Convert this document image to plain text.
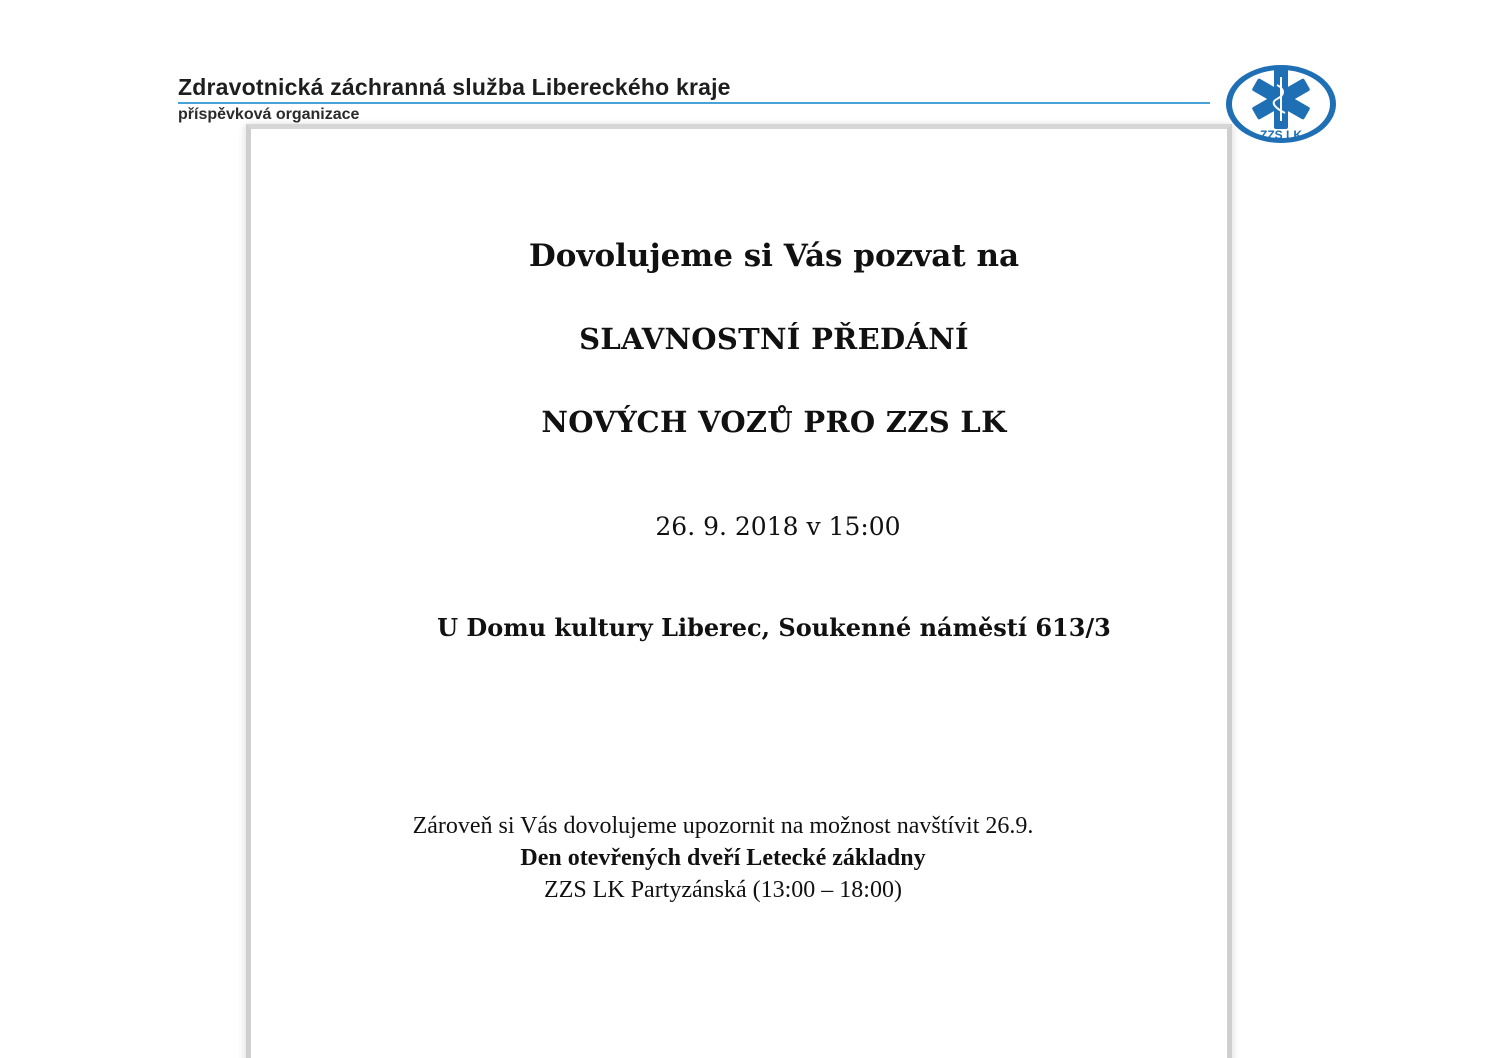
Zdravotnická záchranná služba Libereckého kraje
příspěvková organizace
ZZS LK
Dovolujeme si Vás pozvat na
SLAVNOSTNÍ PŘEDÁNÍ
NOVÝCH VOZŮ PRO ZZS LK
26. 9. 2018 v 15:00
U Domu kultury Liberec, Soukenné náměstí 613/3
Zároveň si Vás dovolujeme upozornit na možnost navštívit 26.9.
Den otevřených dveří Letecké základny
ZZS LK Partyzánská (13:00 – 18:00)
